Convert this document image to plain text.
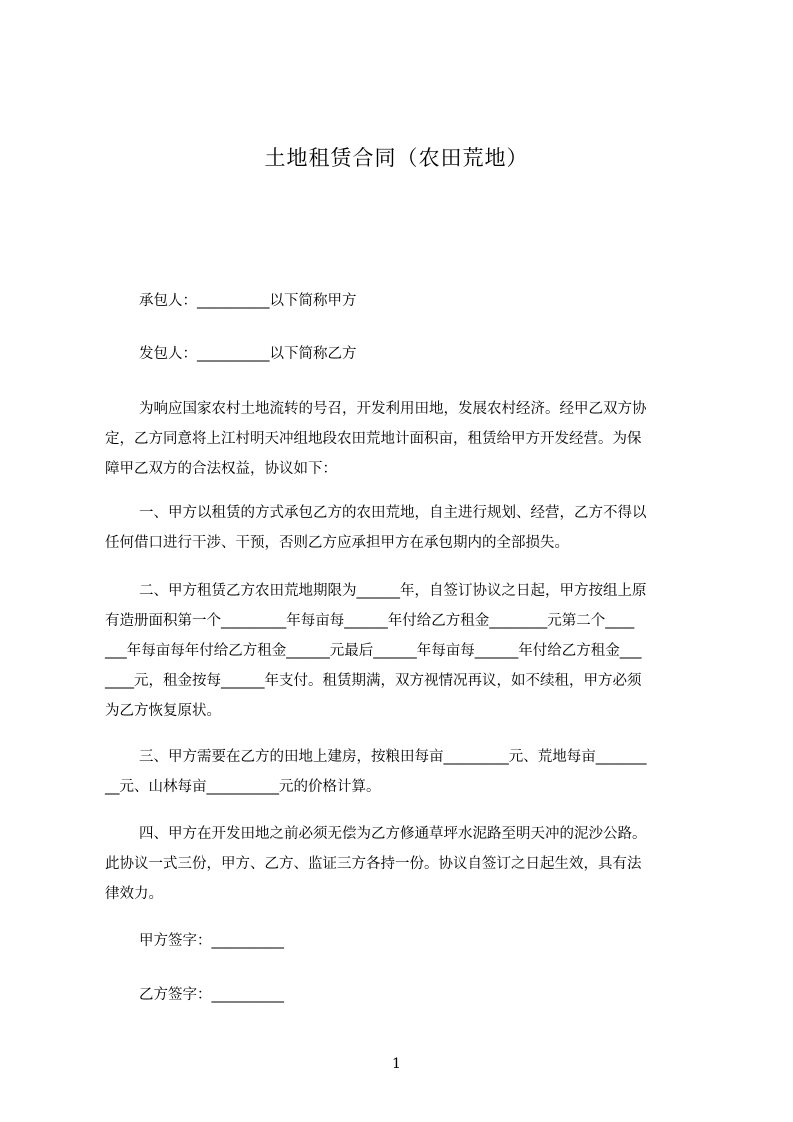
土地租赁合同（农田荒地）
承包人：__________以下简称甲方
发包人：__________以下简称乙方
为响应国家农村土地流转的号召，开发利用田地，发展农村经济。经甲乙双方协
定，乙方同意将上江村明天冲组地段农田荒地计面积亩，租赁给甲方开发经营。为保
障甲乙双方的合法权益，协议如下：
一、甲方以租赁的方式承包乙方的农田荒地，自主进行规划、经营，乙方不得以
任何借口进行干涉、干预，否则乙方应承担甲方在承包期内的全部损失。
二、甲方租赁乙方农田荒地期限为______年，自签订协议之日起，甲方按组上原
有造册面积第一个_________年每亩每______年付给乙方租金________元第二个____
___年每亩每年付给乙方租金______元最后______年每亩每______年付给乙方租金___
____元，租金按每______年支付。租赁期满，双方视情况再议，如不续租，甲方必须
为乙方恢复原状。
三、甲方需要在乙方的田地上建房，按粮田每亩_________元、荒地每亩_______
__元、山林每亩__________元的价格计算。
四、甲方在开发田地之前必须无偿为乙方修通草坪水泥路至明天冲的泥沙公路。
此协议一式三份，甲方、乙方、监证三方各持一份。协议自签订之日起生效，具有法
律效力。
甲方签字：__________
乙方签字：__________
1
